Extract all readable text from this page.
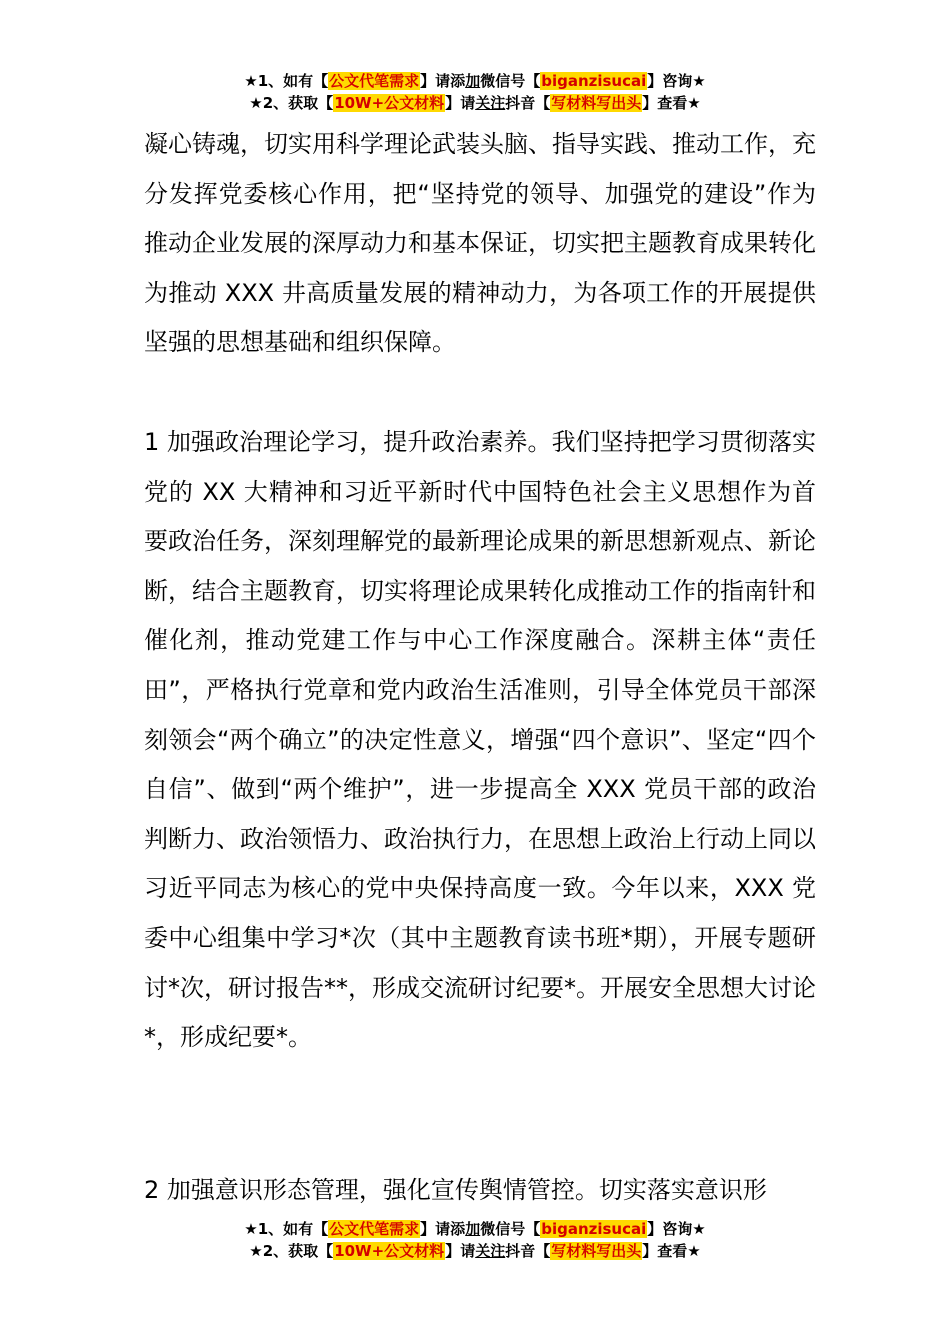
★1、如有【公文代笔需求】请添加微信号【biganzisucai】咨询★
★2、获取【10W+公文材料】请关注抖音【写材料写出头】查看★

凝心铸魂，切实用科学理论武装头脑、指导实践、推动工作，充分发挥党委核心作用，把“坚持党的领导、加强党的建设”作为推动企业发展的深厚动力和基本保证，切实把主题教育成果转化为推动 XXX 井高质量发展的精神动力，为各项工作的开展提供坚强的思想基础和组织保障。

1 加强政治理论学习，提升政治素养。我们坚持把学习贯彻落实党的 XX 大精神和习近平新时代中国特色社会主义思想作为首要政治任务，深刻理解党的最新理论成果的新思想新观点、新论断，结合主题教育，切实将理论成果转化成推动工作的指南针和催化剂，推动党建工作与中心工作深度融合。深耕主体“责任田”，严格执行党章和党内政治生活准则，引导全体党员干部深刻领会“两个确立”的决定性意义，增强“四个意识”、坚定“四个自信”、做到“两个维护”，进一步提高全 XXX 党员干部的政治判断力、政治领悟力、政治执行力，在思想上政治上行动上同以习近平同志为核心的党中央保持高度一致。今年以来，XXX 党委中心组集中学习*次（其中主题教育读书班*期），开展专题研讨*次，研讨报告**，形成交流研讨纪要*。开展安全思想大讨论*，形成纪要*。

2 加强意识形态管理，强化宣传舆情管控。切实落实意识形

★1、如有【公文代笔需求】请添加微信号【biganzisucai】咨询★
★2、获取【10W+公文材料】请关注抖音【写材料写出头】查看★
